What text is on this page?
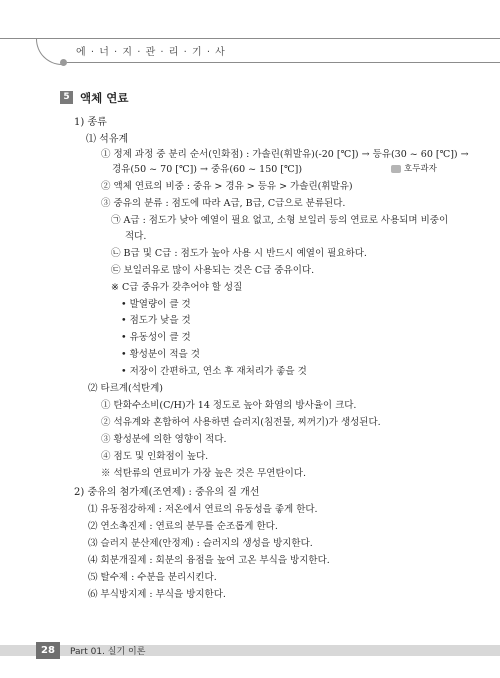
에 · 너 · 지 · 관 · 리 · 기 · 사
5 액체 연료
1) 종류
⑴ 석유계
① 정제 과정 중 분리 순서(인화점) : 가솔린(휘발유)(-20 [℃]) → 등유(30 ~ 60 [℃]) →
경유(50 ~ 70 [℃]) → 중유(60 ~ 150 [℃])	호두과자
② 액체 연료의 비중 : 중유 > 경유 > 등유 > 가솔린(휘발유)
③ 중유의 분류 : 점도에 따라 A급, B급, C급으로 분류된다.
㉠ A급 : 점도가 낮아 예열이 필요 없고, 소형 보일러 등의 연료로 사용되며 비중이
적다.
㉡ B급 및 C급 : 점도가 높아 사용 시 반드시 예열이 필요하다.
㉢ 보일러유로 많이 사용되는 것은 C급 중유이다.
※ C급 중유가 갖추어야 할 성질
• 발열량이 클 것
• 점도가 낮을 것
• 유동성이 클 것
• 황성분이 적을 것
• 저장이 간편하고, 연소 후 재처리가 좋을 것
⑵ 타르계(석탄계)
① 탄화수소비(C/H)가 14 정도로 높아 화염의 방사율이 크다.
② 석유계와 혼합하여 사용하면 슬러지(침전물, 찌꺼기)가 생성된다.
③ 황성분에 의한 영향이 적다.
④ 점도 및 인화점이 높다.
※ 석탄류의 연료비가 가장 높은 것은 무연탄이다.
2) 중유의 첨가제(조연제) : 중유의 질 개선
⑴ 유동점강하제 : 저온에서 연료의 유동성을 좋게 한다.
⑵ 연소촉진제 : 연료의 분무를 순조롭게 한다.
⑶ 슬러지 분산제(안정제) : 슬러지의 생성을 방지한다.
⑷ 회분개질제 : 회분의 융점을 높여 고온 부식을 방지한다.
⑸ 탈수제 : 수분을 분리시킨다.
⑹ 부식방지제 : 부식을 방지한다.
28	Part 01. 실기 이론
